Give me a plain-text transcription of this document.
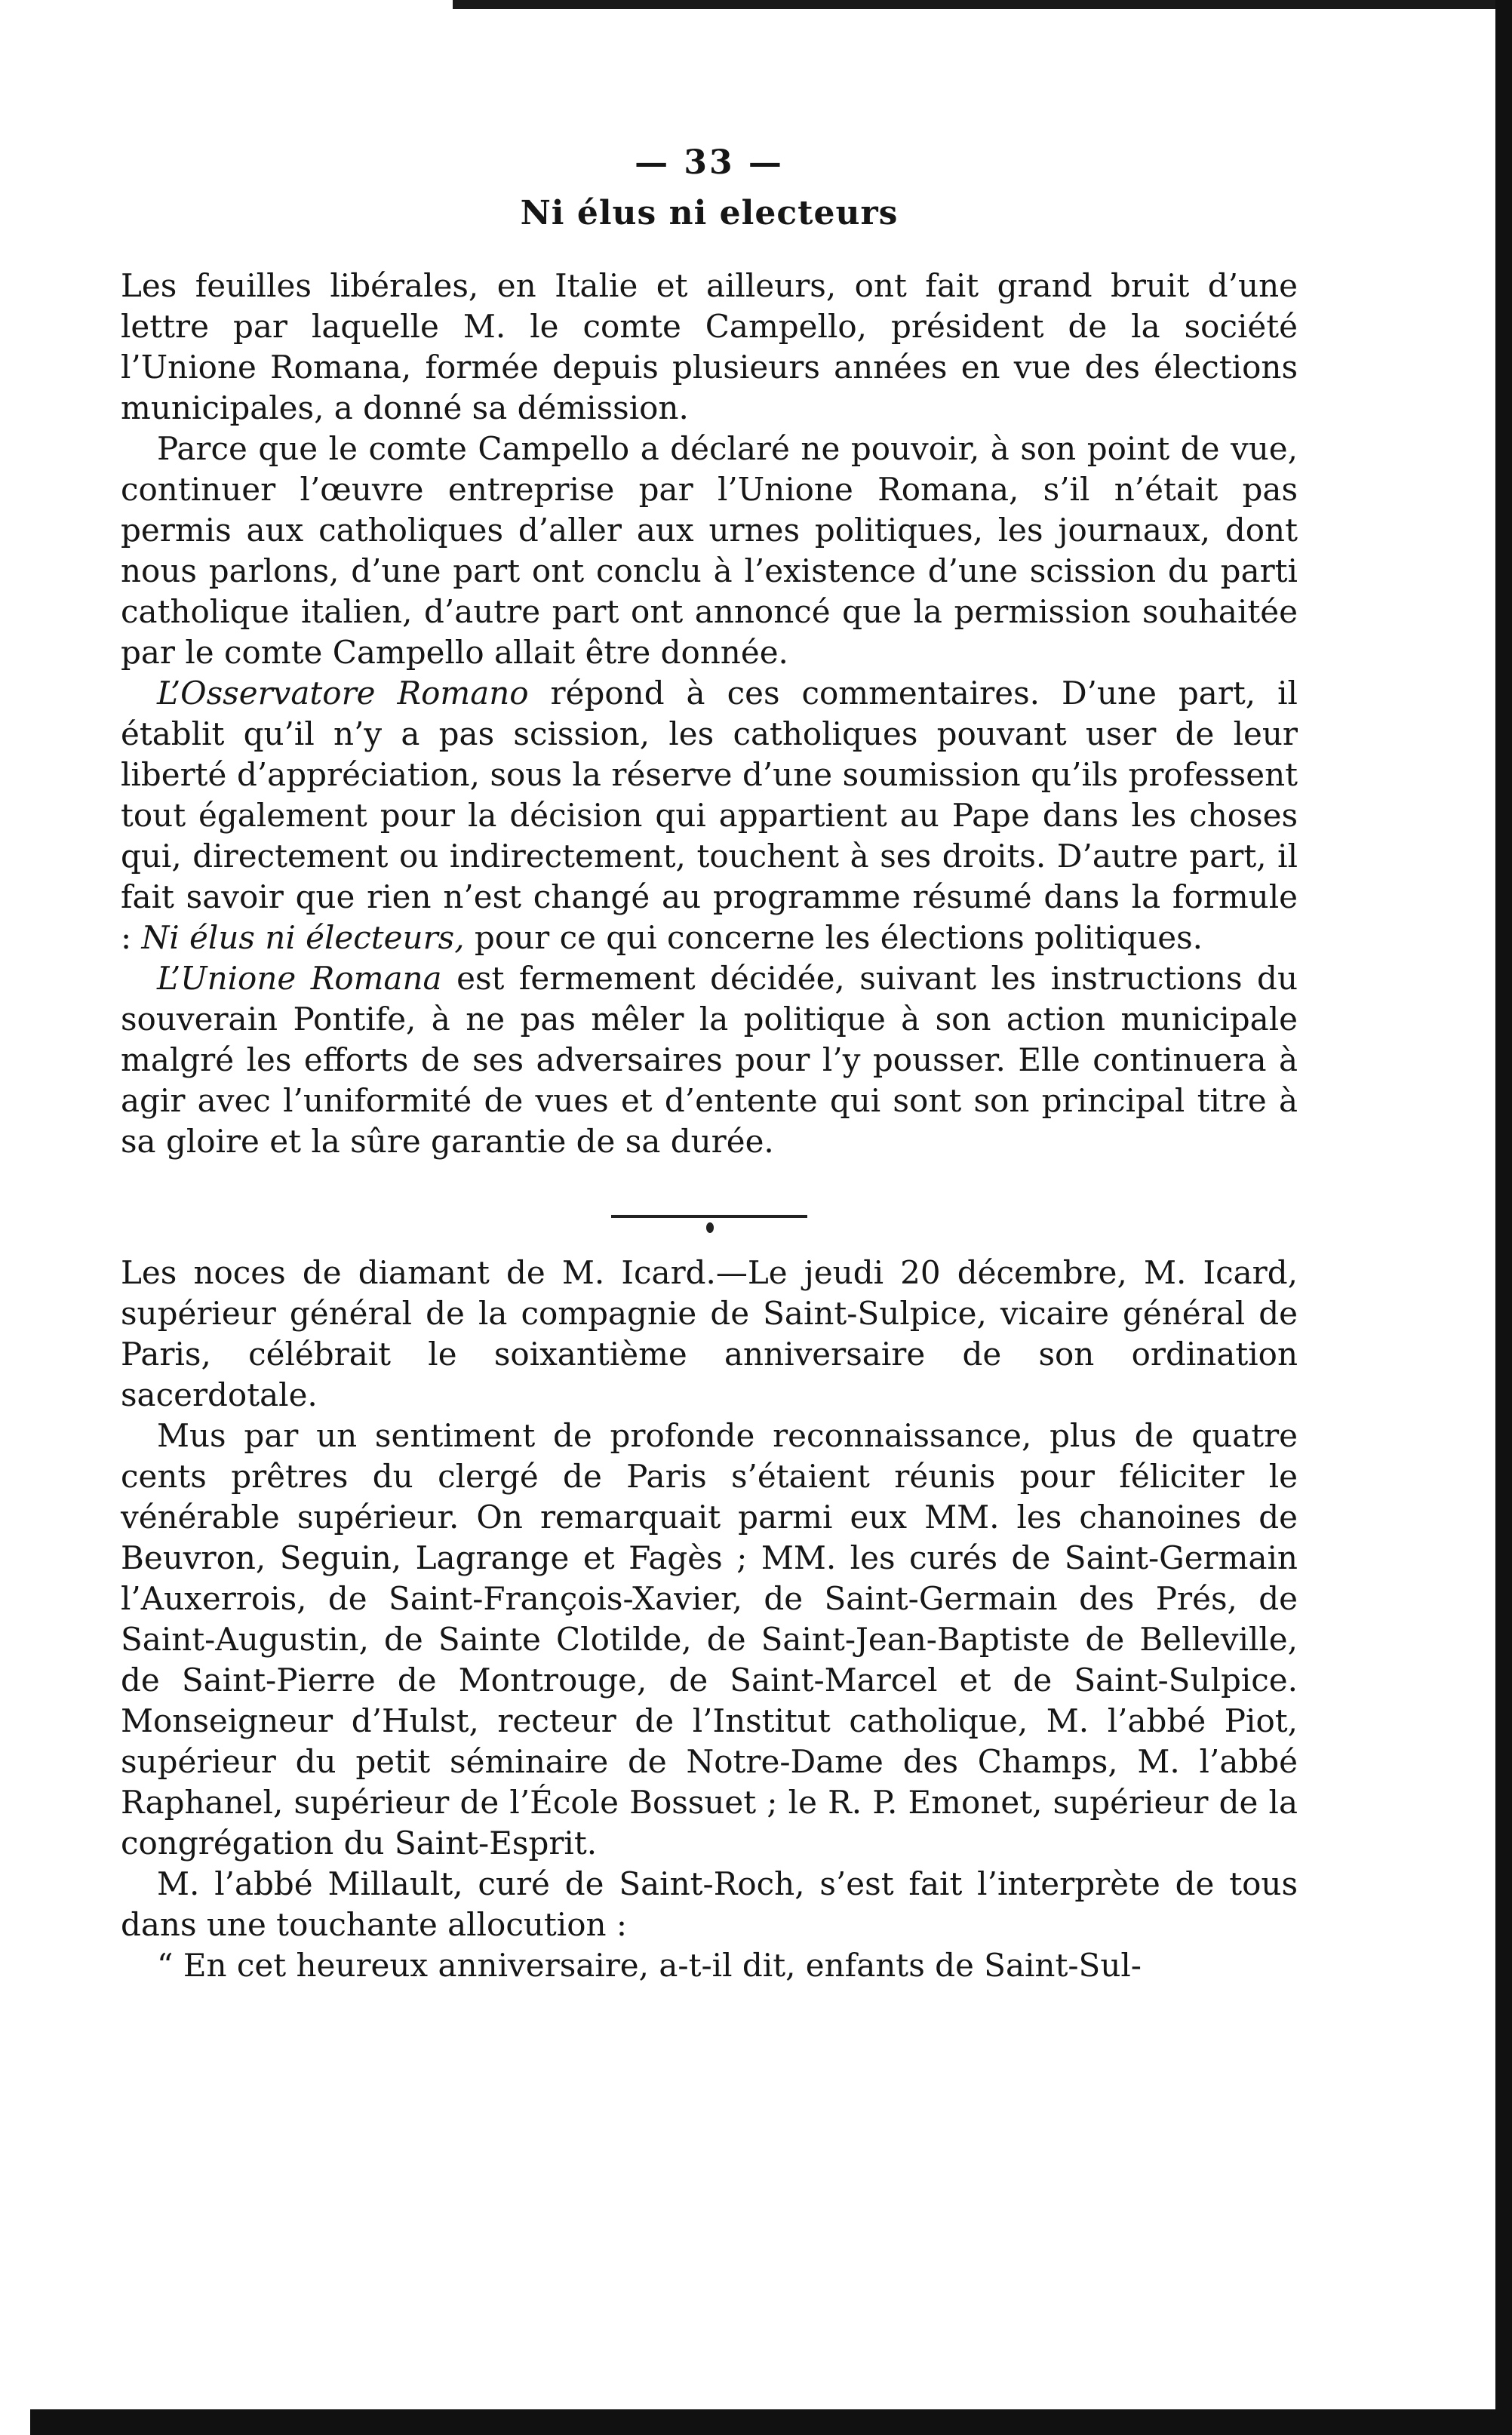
— 33 —
Ni élus ni electeurs

Les feuilles libérales, en Italie et ailleurs, ont fait grand bruit d’une lettre par laquelle M. le comte Campello, président de la société l’Unione Romana, formée depuis plusieurs années en vue des élections municipales, a donné sa démission.

Parce que le comte Campello a déclaré ne pouvoir, à son point de vue, continuer l’œuvre entreprise par l’Unione Romana, s’il n’était pas permis aux catholiques d’aller aux urnes politiques, les journaux, dont nous parlons, d’une part ont conclu à l’existence d’une scission du parti catholique italien, d’autre part ont annoncé que la permission souhaitée par le comte Campello allait être donnée.

L’Osservatore Romano répond à ces commentaires. D’une part, il établit qu’il n’y a pas scission, les catholiques pouvant user de leur liberté d’appréciation, sous la réserve d’une soumission qu’ils professent tout également pour la décision qui appartient au Pape dans les choses qui, directement ou indirectement, touchent à ses droits. D’autre part, il fait savoir que rien n’est changé au programme résumé dans la formule : Ni élus ni électeurs, pour ce qui concerne les élections politiques.

L’Unione Romana est fermement décidée, suivant les instructions du souverain Pontife, à ne pas mêler la politique à son action municipale malgré les efforts de ses adversaires pour l’y pousser. Elle continuera à agir avec l’uniformité de vues et d’entente qui sont son principal titre à sa gloire et la sûre garantie de sa durée.

Les noces de diamant de M. Icard.—Le jeudi 20 décembre, M. Icard, supérieur général de la compagnie de Saint-Sulpice, vicaire général de Paris, célébrait le soixantième anniversaire de son ordination sacerdotale.

Mus par un sentiment de profonde reconnaissance, plus de quatre cents prêtres du clergé de Paris s’étaient réunis pour féliciter le vénérable supérieur. On remarquait parmi eux MM. les chanoines de Beuvron, Seguin, Lagrange et Fagès ; MM. les curés de Saint-Germain l’Auxerrois, de Saint-François-Xavier, de Saint-Germain des Prés, de Saint-Augustin, de Sainte Clotilde, de Saint-Jean-Baptiste de Belleville, de Saint-Pierre de Montrouge, de Saint-Marcel et de Saint-Sulpice. Monseigneur d’Hulst, recteur de l’Institut catholique, M. l’abbé Piot, supérieur du petit séminaire de Notre-Dame des Champs, M. l’abbé Raphanel, supérieur de l’École Bossuet ; le R. P. Emonet, supérieur de la congrégation du Saint-Esprit.

M. l’abbé Millault, curé de Saint-Roch, s’est fait l’interprète de tous dans une touchante allocution :

“ En cet heureux anniversaire, a-t-il dit, enfants de Saint-Sul-
